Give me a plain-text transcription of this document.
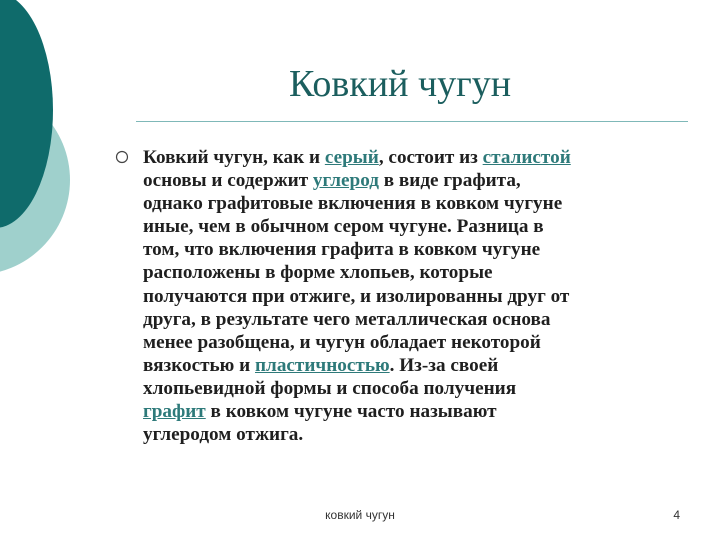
Ковкий чугун
Ковкий чугун, как и серый, состоит из сталистой
основы и содержит углерод в виде графита,
однако графитовые включения в ковком чугуне
иные, чем в обычном сером чугуне. Разница в
том, что включения графита в ковком чугуне
расположены в форме хлопьев, которые
получаются при отжиге, и изолированны друг от
друга, в результате чего металлическая основа
менее разобщена, и чугун обладает некоторой
вязкостью и пластичностью. Из-за своей
хлопьевидной формы и способа получения
графит в ковком чугуне часто называют
углеродом отжига.
ковкий чугун	4
